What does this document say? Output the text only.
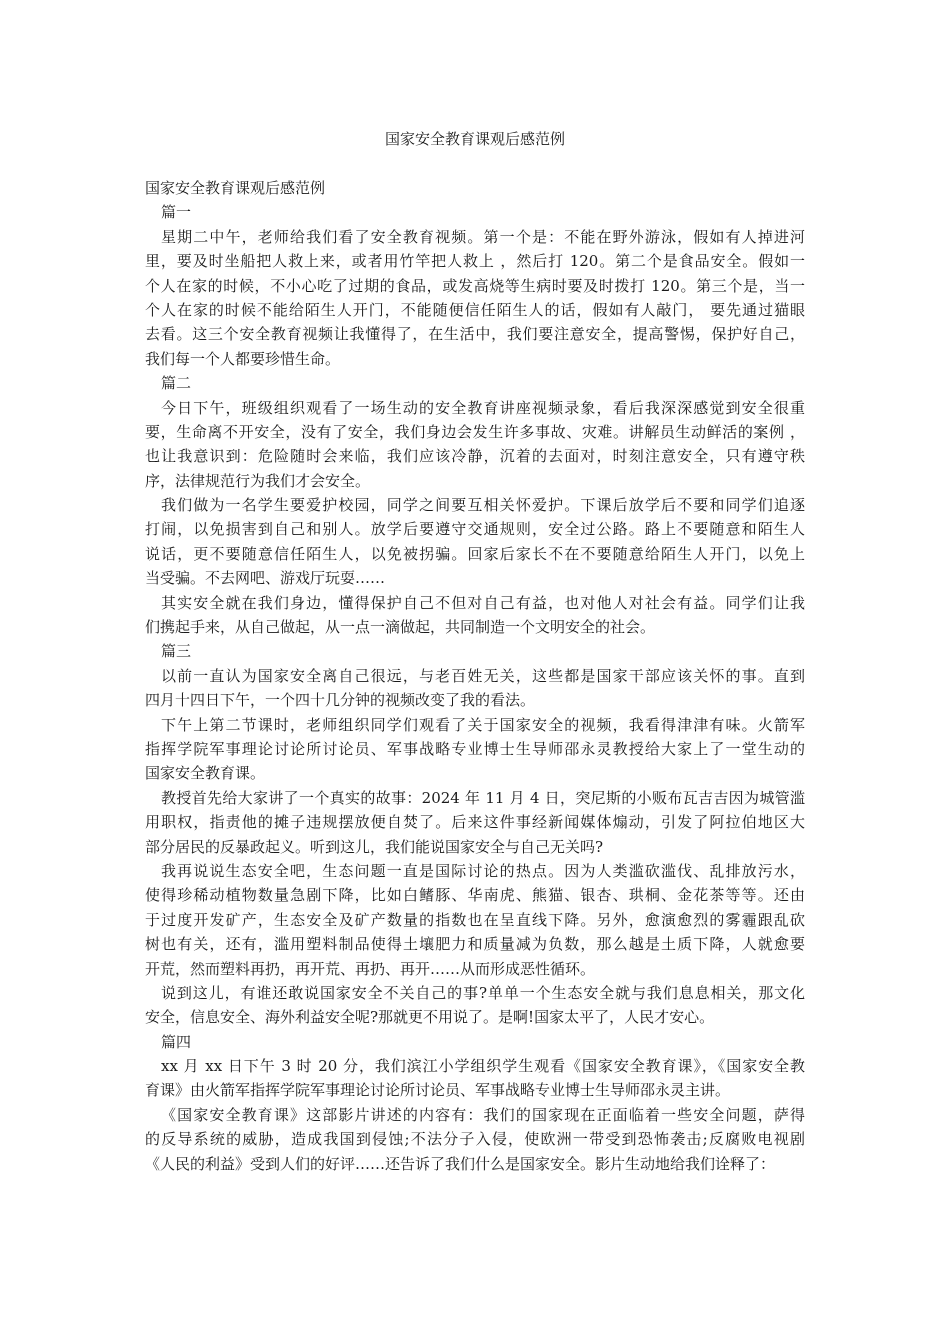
国家安全教育课观后感范例

国家安全教育课观后感范例

篇一

星期二中午，老师给我们看了安全教育视频。第一个是：不能在野外游泳，假如有人掉进河
里，要及时坐船把人救上来，或者用竹竿把人救上 ，然后打 120。第二个是食品安全。假如一
个人在家的时候，不小心吃了过期的食品，或发高烧等生病时要及时拨打 120。第三个是，当一
个人在家的时候不能给陌生人开门，不能随便信任陌生人的话，假如有人敲门， 要先通过猫眼
去看。这三个安全教育视频让我懂得了，在生活中，我们要注意安全，提高警惕，保护好自己，
我们每一个人都要珍惜生命。

篇二

今日下午，班级组织观看了一场生动的安全教育讲座视频录象，看后我深深感觉到安全很重
要，生命离不开安全，没有了安全，我们身边会发生许多事故、灾难。讲解员生动鲜活的案例 ，
也让我意识到：危险随时会来临，我们应该冷静，沉着的去面对，时刻注意安全，只有遵守秩
序，法律规范行为我们才会安全。

我们做为一名学生要爱护校园，同学之间要互相关怀爱护。下课后放学后不要和同学们追逐
打闹，以免损害到自己和别人。放学后要遵守交通规则，安全过公路。路上不要随意和陌生人
说话，更不要随意信任陌生人，以免被拐骗。回家后家长不在不要随意给陌生人开门，以免上
当受骗。不去网吧、游戏厅玩耍……

其实安全就在我们身边，懂得保护自己不但对自己有益，也对他人对社会有益。同学们让我
们携起手来，从自己做起，从一点一滴做起，共同制造一个文明安全的社会。

篇三

以前一直认为国家安全离自己很远，与老百姓无关，这些都是国家干部应该关怀的事。直到
四月十四日下午，一个四十几分钟的视频改变了我的看法。

下午上第二节课时，老师组织同学们观看了关于国家安全的视频，我看得津津有味。火箭军
指挥学院军事理论讨论所讨论员、军事战略专业博士生导师邵永灵教授给大家上了一堂生动的
国家安全教育课。

教授首先给大家讲了一个真实的故事：2024 年 11 月 4 日，突尼斯的小贩布瓦吉吉因为城管滥
用职权，指责他的摊子违规摆放便自焚了。后来这件事经新闻媒体煽动，引发了阿拉伯地区大
部分居民的反暴政起义。听到这儿，我们能说国家安全与自己无关吗?

我再说说生态安全吧，生态问题一直是国际讨论的热点。因为人类滥砍滥伐、乱排放污水，
使得珍稀动植物数量急剧下降，比如白鳍豚、华南虎、熊猫、银杏、珙桐、金花茶等等。还由
于过度开发矿产，生态安全及矿产数量的指数也在呈直线下降。另外，愈演愈烈的雾霾跟乱砍
树也有关，还有，滥用塑料制品使得土壤肥力和质量减为负数，那么越是土质下降，人就愈要
开荒，然而塑料再扔，再开荒、再扔、再开……从而形成恶性循环。

说到这儿，有谁还敢说国家安全不关自己的事?单单一个生态安全就与我们息息相关，那文化
安全，信息安全、海外利益安全呢?那就更不用说了。是啊!国家太平了，人民才安心。

篇四

xx 月 xx 日下午 3 时 20 分，我们滨江小学组织学生观看《国家安全教育课》，《国家安全教
育课》由火箭军指挥学院军事理论讨论所讨论员、军事战略专业博士生导师邵永灵主讲。

《国家安全教育课》这部影片讲述的内容有：我们的国家现在正面临着一些安全问题，萨得
的反导系统的威胁，造成我国到侵蚀;不法分子入侵，使欧洲一带受到恐怖袭击;反腐败电视剧
《人民的利益》受到人们的好评……还告诉了我们什么是国家安全。影片生动地给我们诠释了：
